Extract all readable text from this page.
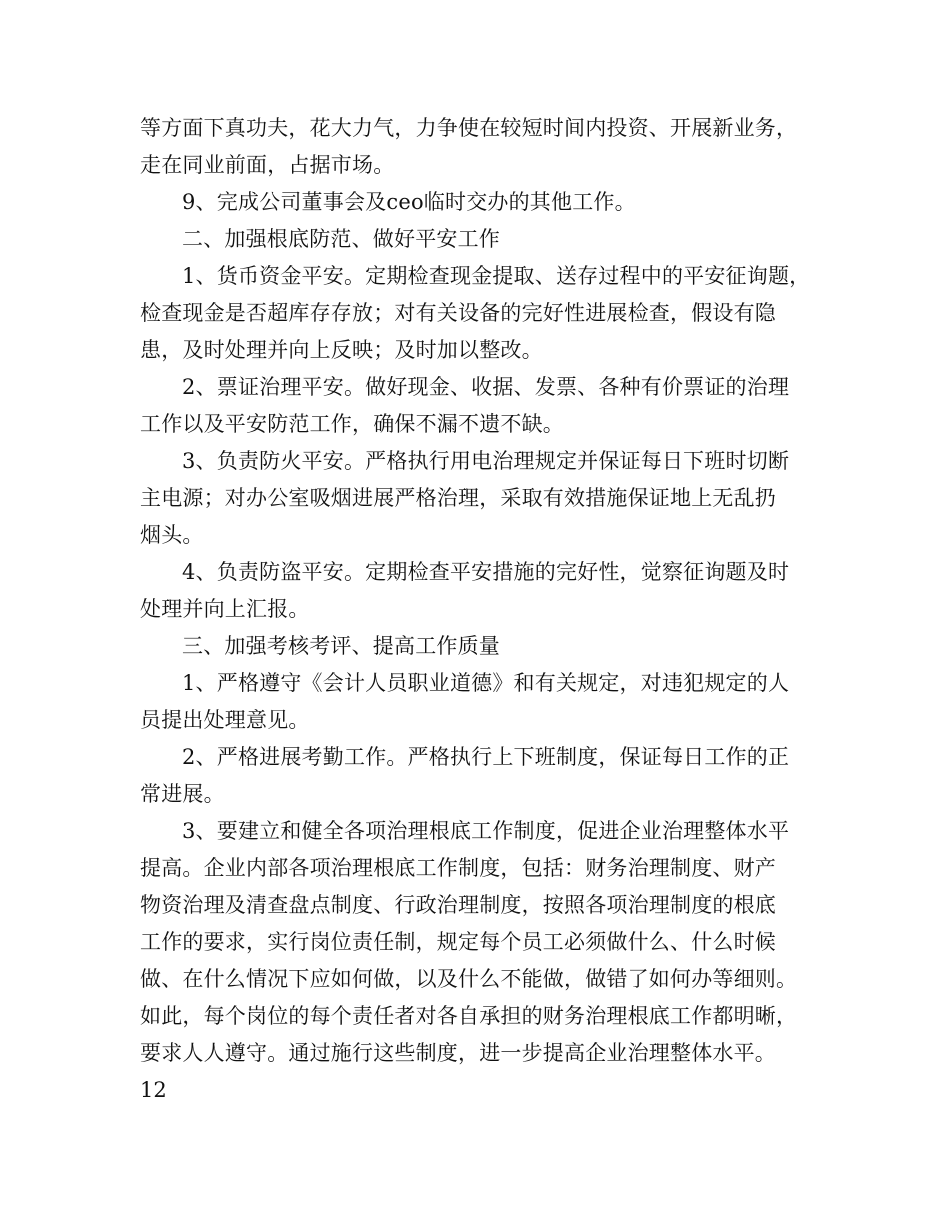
等方面下真功夫，花大力气，力争使在较短时间内投资、开展新业务，
走在同业前面，占据市场。
9、完成公司董事会及ceo临时交办的其他工作。
二、加强根底防范、做好平安工作
1、货币资金平安。定期检查现金提取、送存过程中的平安征询题，
检查现金是否超库存存放；对有关设备的完好性进展检查，假设有隐
患，及时处理并向上反映；及时加以整改。
2、票证治理平安。做好现金、收据、发票、各种有价票证的治理
工作以及平安防范工作，确保不漏不遗不缺。
3、负责防火平安。严格执行用电治理规定并保证每日下班时切断
主电源；对办公室吸烟进展严格治理，采取有效措施保证地上无乱扔
烟头。
4、负责防盗平安。定期检查平安措施的完好性，觉察征询题及时
处理并向上汇报。
三、加强考核考评、提高工作质量
1、严格遵守《会计人员职业道德》和有关规定，对违犯规定的人
员提出处理意见。
2、严格进展考勤工作。严格执行上下班制度，保证每日工作的正
常进展。
3、要建立和健全各项治理根底工作制度，促进企业治理整体水平
提高。企业内部各项治理根底工作制度，包括：财务治理制度、财产
物资治理及清查盘点制度、行政治理制度，按照各项治理制度的根底
工作的要求，实行岗位责任制，规定每个员工必须做什么、什么时候
做、在什么情况下应如何做，以及什么不能做，做错了如何办等细则。
如此，每个岗位的每个责任者对各自承担的财务治理根底工作都明晰，
要求人人遵守。通过施行这些制度，进一步提高企业治理整体水平。
12
